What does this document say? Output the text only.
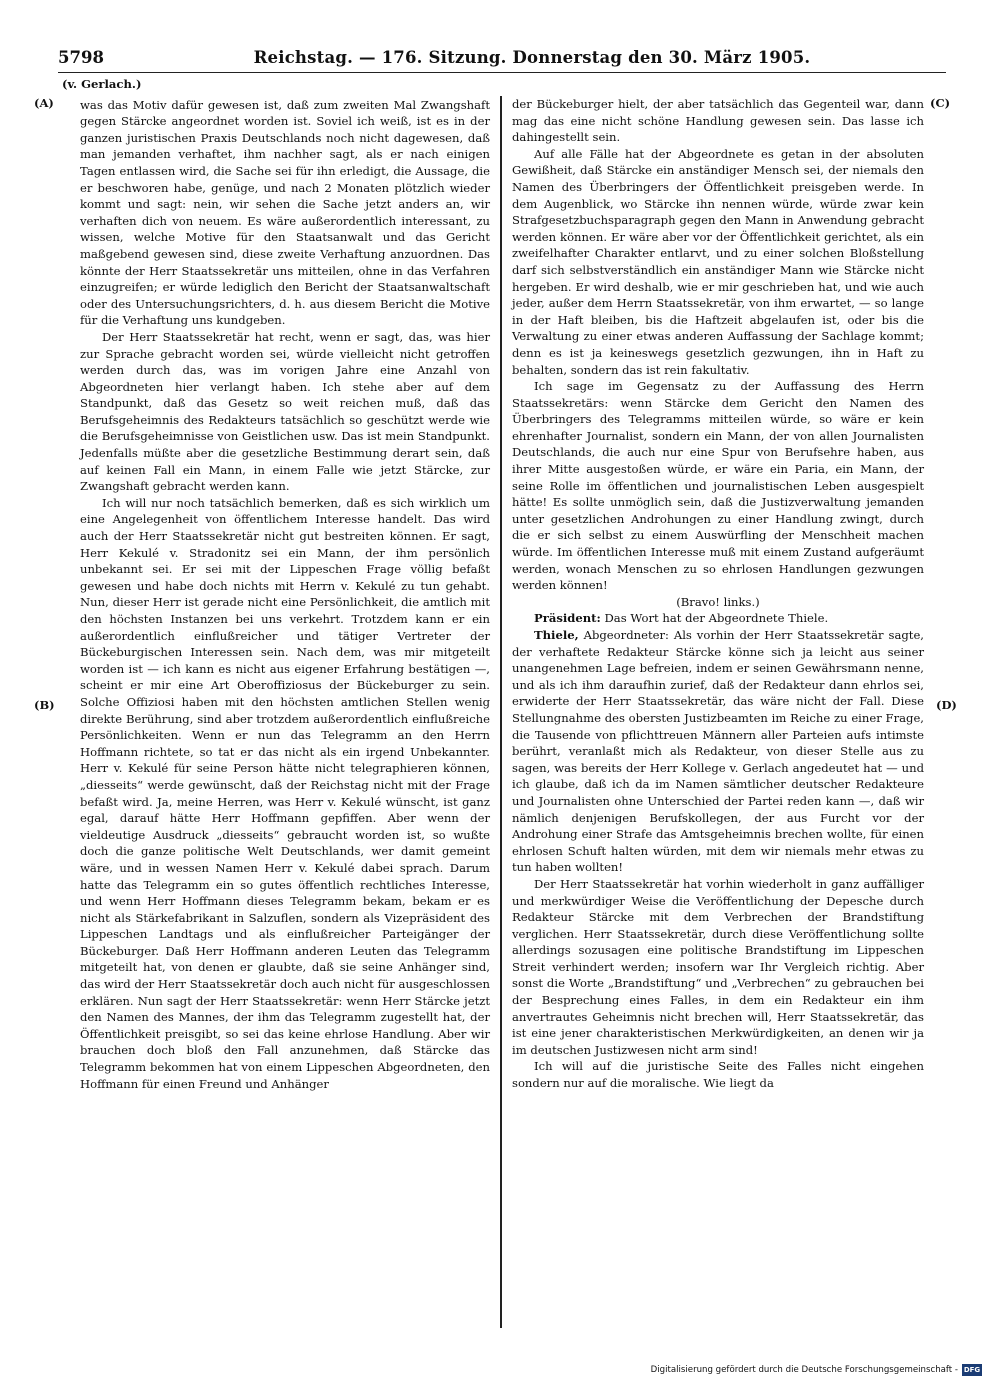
5798	Reichstag. — 176. Sitzung. Donnerstag den 30. März 1905.
(A)
(B)
(C)
(D)
(v. Gerlach.)

was das Motiv dafür gewesen ist, daß zum zweiten Mal Zwangshaft gegen Stärcke angeordnet worden ist. Soviel ich weiß, ist es in der ganzen juristischen Praxis Deutschlands noch nicht dagewesen, daß man jemanden verhaftet, ihm nachher sagt, als er nach einigen Tagen entlassen wird, die Sache sei für ihn erledigt, die Aussage, die er beschworen habe, genüge, und nach 2 Monaten plötzlich wieder kommt und sagt: nein, wir sehen die Sache jetzt anders an, wir verhaften dich von neuem. Es wäre außerordentlich interessant, zu wissen, welche Motive für den Staatsanwalt und das Gericht maßgebend gewesen sind, diese zweite Verhaftung anzuordnen. Das könnte der Herr Staatssekretär uns mitteilen, ohne in das Verfahren einzugreifen; er würde lediglich den Bericht der Staatsanwaltschaft oder des Untersuchungsrichters, d. h. aus diesem Bericht die Motive für die Verhaftung uns kundgeben.

Der Herr Staatssekretär hat recht, wenn er sagt, das, was hier zur Sprache gebracht worden sei, würde vielleicht nicht getroffen werden durch das, was im vorigen Jahre eine Anzahl von Abgeordneten hier verlangt haben. Ich stehe aber auf dem Standpunkt, daß das Gesetz so weit reichen muß, daß das Berufsgeheimnis des Redakteurs tatsächlich so geschützt werde wie die Berufsgeheimnisse von Geistlichen usw. Das ist mein Standpunkt. Jedenfalls müßte aber die gesetzliche Bestimmung derart sein, daß auf keinen Fall ein Mann, in einem Falle wie jetzt Stärcke, zur Zwangshaft gebracht werden kann.

Ich will nur noch tatsächlich bemerken, daß es sich wirklich um eine Angelegenheit von öffentlichem Interesse handelt. Das wird auch der Herr Staatssekretär nicht gut bestreiten können. Er sagt, Herr Kekulé v. Stradonitz sei ein Mann, der ihm persönlich unbekannt sei. Er sei mit der Lippeschen Frage völlig befaßt gewesen und habe doch nichts mit Herrn v. Kekulé zu tun gehabt. Nun, dieser Herr ist gerade nicht eine Persönlichkeit, die amtlich mit den höchsten Instanzen bei uns verkehrt. Trotzdem kann er ein außerordentlich einflußreicher und tätiger Vertreter der Bückeburgischen Interessen sein. Nach dem, was mir mitgeteilt worden ist — ich kann es nicht aus eigener Erfahrung bestätigen —, scheint er mir eine Art Oberoffiziosus der Bückeburger zu sein. Solche Offiziosi haben mit den höchsten amtlichen Stellen wenig direkte Berührung, sind aber trotzdem außerordentlich einflußreiche Persönlichkeiten. Wenn er nun das Telegramm an den Herrn Hoffmann richtete, so tat er das nicht als ein irgend Unbekannter. Herr v. Kekulé für seine Person hätte nicht telegraphieren können, „diesseits“ werde gewünscht, daß der Reichstag nicht mit der Frage befaßt wird. Ja, meine Herren, was Herr v. Kekulé wünscht, ist ganz egal, darauf hätte Herr Hoffmann gepfiffen. Aber wenn der vieldeutige Ausdruck „diesseits“ gebraucht worden ist, so wußte doch die ganze politische Welt Deutschlands, wer damit gemeint wäre, und in wessen Namen Herr v. Kekulé dabei sprach. Darum hatte das Telegramm ein so gutes öffentlich rechtliches Interesse, und wenn Herr Hoffmann dieses Telegramm bekam, bekam er es nicht als Stärkefabrikant in Salzuflen, sondern als Vizepräsident des Lippeschen Landtags und als einflußreicher Parteigänger der Bückeburger. Daß Herr Hoffmann anderen Leuten das Telegramm mitgeteilt hat, von denen er glaubte, daß sie seine Anhänger sind, das wird der Herr Staatssekretär doch auch nicht für ausgeschlossen erklären. Nun sagt der Herr Staatssekretär: wenn Herr Stärcke jetzt den Namen des Mannes, der ihm das Telegramm zugestellt hat, der Öffentlichkeit preisgibt, so sei das keine ehrlose Handlung. Aber wir brauchen doch bloß den Fall anzunehmen, daß Stärcke das Telegramm bekommen hat von einem Lippeschen Abgeordneten, den Hoffmann für einen Freund und Anhänger

der Bückeburger hielt, der aber tatsächlich das Gegenteil war, dann mag das eine nicht schöne Handlung gewesen sein. Das lasse ich dahingestellt sein.

Auf alle Fälle hat der Abgeordnete es getan in der absoluten Gewißheit, daß Stärcke ein anständiger Mensch sei, der niemals den Namen des Überbringers der Öffentlichkeit preisgeben werde. In dem Augenblick, wo Stärcke ihn nennen würde, würde zwar kein Strafgesetzbuchsparagraph gegen den Mann in Anwendung gebracht werden können. Er wäre aber vor der Öffentlichkeit gerichtet, als ein zweifelhafter Charakter entlarvt, und zu einer solchen Bloßstellung darf sich selbstverständlich ein anständiger Mann wie Stärcke nicht hergeben. Er wird deshalb, wie er mir geschrieben hat, und wie auch jeder, außer dem Herrn Staatssekretär, von ihm erwartet, — so lange in der Haft bleiben, bis die Haftzeit abgelaufen ist, oder bis die Verwaltung zu einer etwas anderen Auffassung der Sachlage kommt; denn es ist ja keineswegs gesetzlich gezwungen, ihn in Haft zu behalten, sondern das ist rein fakultativ.

Ich sage im Gegensatz zu der Auffassung des Herrn Staatssekretärs: wenn Stärcke dem Gericht den Namen des Überbringers des Telegramms mitteilen würde, so wäre er kein ehrenhafter Journalist, sondern ein Mann, der von allen Journalisten Deutschlands, die auch nur eine Spur von Berufsehre haben, aus ihrer Mitte ausgestoßen würde, er wäre ein Paria, ein Mann, der seine Rolle im öffentlichen und journalistischen Leben ausgespielt hätte! Es sollte unmöglich sein, daß die Justizverwaltung jemanden unter gesetzlichen Androhungen zu einer Handlung zwingt, durch die er sich selbst zu einem Auswürfling der Menschheit machen würde. Im öffentlichen Interesse muß mit einem Zustand aufgeräumt werden, wonach Menschen zu so ehrlosen Handlungen gezwungen werden können!

(Bravo! links.)

Präsident: Das Wort hat der Abgeordnete Thiele.

Thiele, Abgeordneter: Als vorhin der Herr Staatssekretär sagte, der verhaftete Redakteur Stärcke könne sich ja leicht aus seiner unangenehmen Lage befreien, indem er seinen Gewährsmann nenne, und als ich ihm daraufhin zurief, daß der Redakteur dann ehrlos sei, erwiderte der Herr Staatssekretär, das wäre nicht der Fall. Diese Stellungnahme des obersten Justizbeamten im Reiche zu einer Frage, die Tausende von pflichttreuen Männern aller Parteien aufs intimste berührt, veranlaßt mich als Redakteur, von dieser Stelle aus zu sagen, was bereits der Herr Kollege v. Gerlach angedeutet hat — und ich glaube, daß ich da im Namen sämtlicher deutscher Redakteure und Journalisten ohne Unterschied der Partei reden kann —, daß wir nämlich denjenigen Berufskollegen, der aus Furcht vor der Androhung einer Strafe das Amtsgeheimnis brechen wollte, für einen ehrlosen Schuft halten würden, mit dem wir niemals mehr etwas zu tun haben wollten!

Der Herr Staatssekretär hat vorhin wiederholt in ganz auffälliger und merkwürdiger Weise die Veröffentlichung der Depesche durch Redakteur Stärcke mit dem Verbrechen der Brandstiftung verglichen. Herr Staatssekretär, durch diese Veröffentlichung sollte allerdings sozusagen eine politische Brandstiftung im Lippeschen Streit verhindert werden; insofern war Ihr Vergleich richtig. Aber sonst die Worte „Brandstiftung“ und „Verbrechen“ zu gebrauchen bei der Besprechung eines Falles, in dem ein Redakteur ein ihm anvertrautes Geheimnis nicht brechen will, Herr Staatssekretär, das ist eine jener charakteristischen Merkwürdigkeiten, an denen wir ja im deutschen Justizwesen nicht arm sind!

Ich will auf die juristische Seite des Falles nicht eingehen sondern nur auf die moralische. Wie liegt da

Digitalisierung gefördert durch die Deutsche Forschungsgemeinschaft - DFG
